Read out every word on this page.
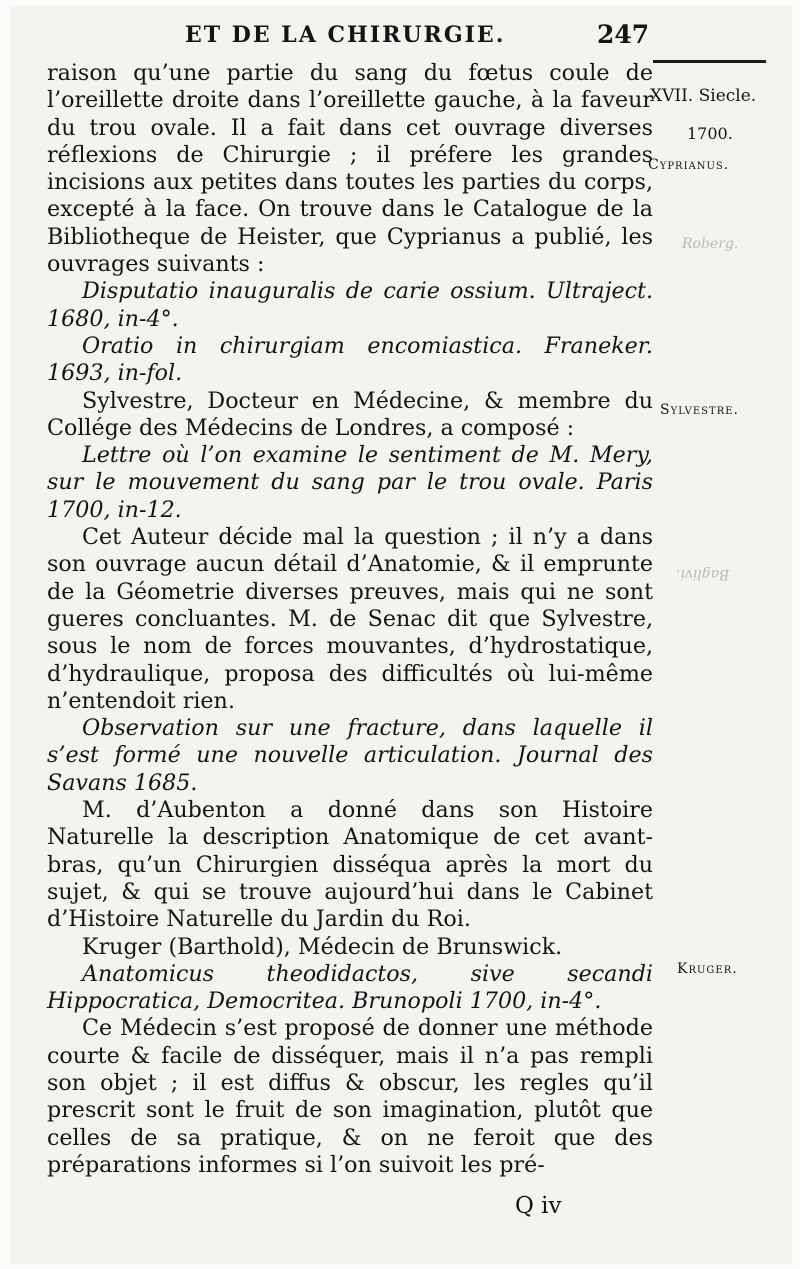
ET DE LA CHIRURGIE.	247
XVII. Siecle.
1700.
Cyprianus.
Sylvestre.
Kruger.
Roberg.
Baglivi.

raison qu’une partie du sang du fœtus coule de l’oreillette droite dans l’oreillette gauche, à la faveur du trou ovale. Il a fait dans cet ouvrage diverses réflexions de Chirurgie ; il préfere les grandes incisions aux petites dans toutes les parties du corps, excepté à la face. On trouve dans le Catalogue de la Bibliotheque de Heister, que Cyprianus a publié, les ouvrages suivants :

Disputatio inauguralis de carie ossium. Ultraject. 1680, in-4°.

Oratio in chirurgiam encomiastica. Franeker. 1693, in-fol.

Sylvestre, Docteur en Médecine, & membre du Collége des Médecins de Londres, a composé :

Lettre où l’on examine le sentiment de M. Mery, sur le mouvement du sang par le trou ovale. Paris 1700, in-12.

Cet Auteur décide mal la question ; il n’y a dans son ouvrage aucun détail d’Anatomie, & il emprunte de la Géometrie diverses preuves, mais qui ne sont gueres concluantes. M. de Senac dit que Sylvestre, sous le nom de forces mouvantes, d’hydrostatique, d’hydraulique, proposa des difficultés où lui-même n’entendoit rien.

Observation sur une fracture, dans laquelle il s’est formé une nouvelle articulation. Journal des Savans 1685.

M. d’Aubenton a donné dans son Histoire Naturelle la description Anatomique de cet avant-bras, qu’un Chirurgien disséqua après la mort du sujet, & qui se trouve aujourd’hui dans le Cabinet d’Histoire Naturelle du Jardin du Roi.

Kruger (Barthold), Médecin de Brunswick.

Anatomicus theodidactos, sive secandi Hippocratica, Democritea. Brunopoli 1700, in-4°.

Ce Médecin s’est proposé de donner une méthode courte & facile de disséquer, mais il n’a pas rempli son objet ; il est diffus & obscur, les regles qu’il prescrit sont le fruit de son imagination, plutôt que celles de sa pratique, & on ne feroit que des préparations informes si l’on suivoit les pré-

Q iv
